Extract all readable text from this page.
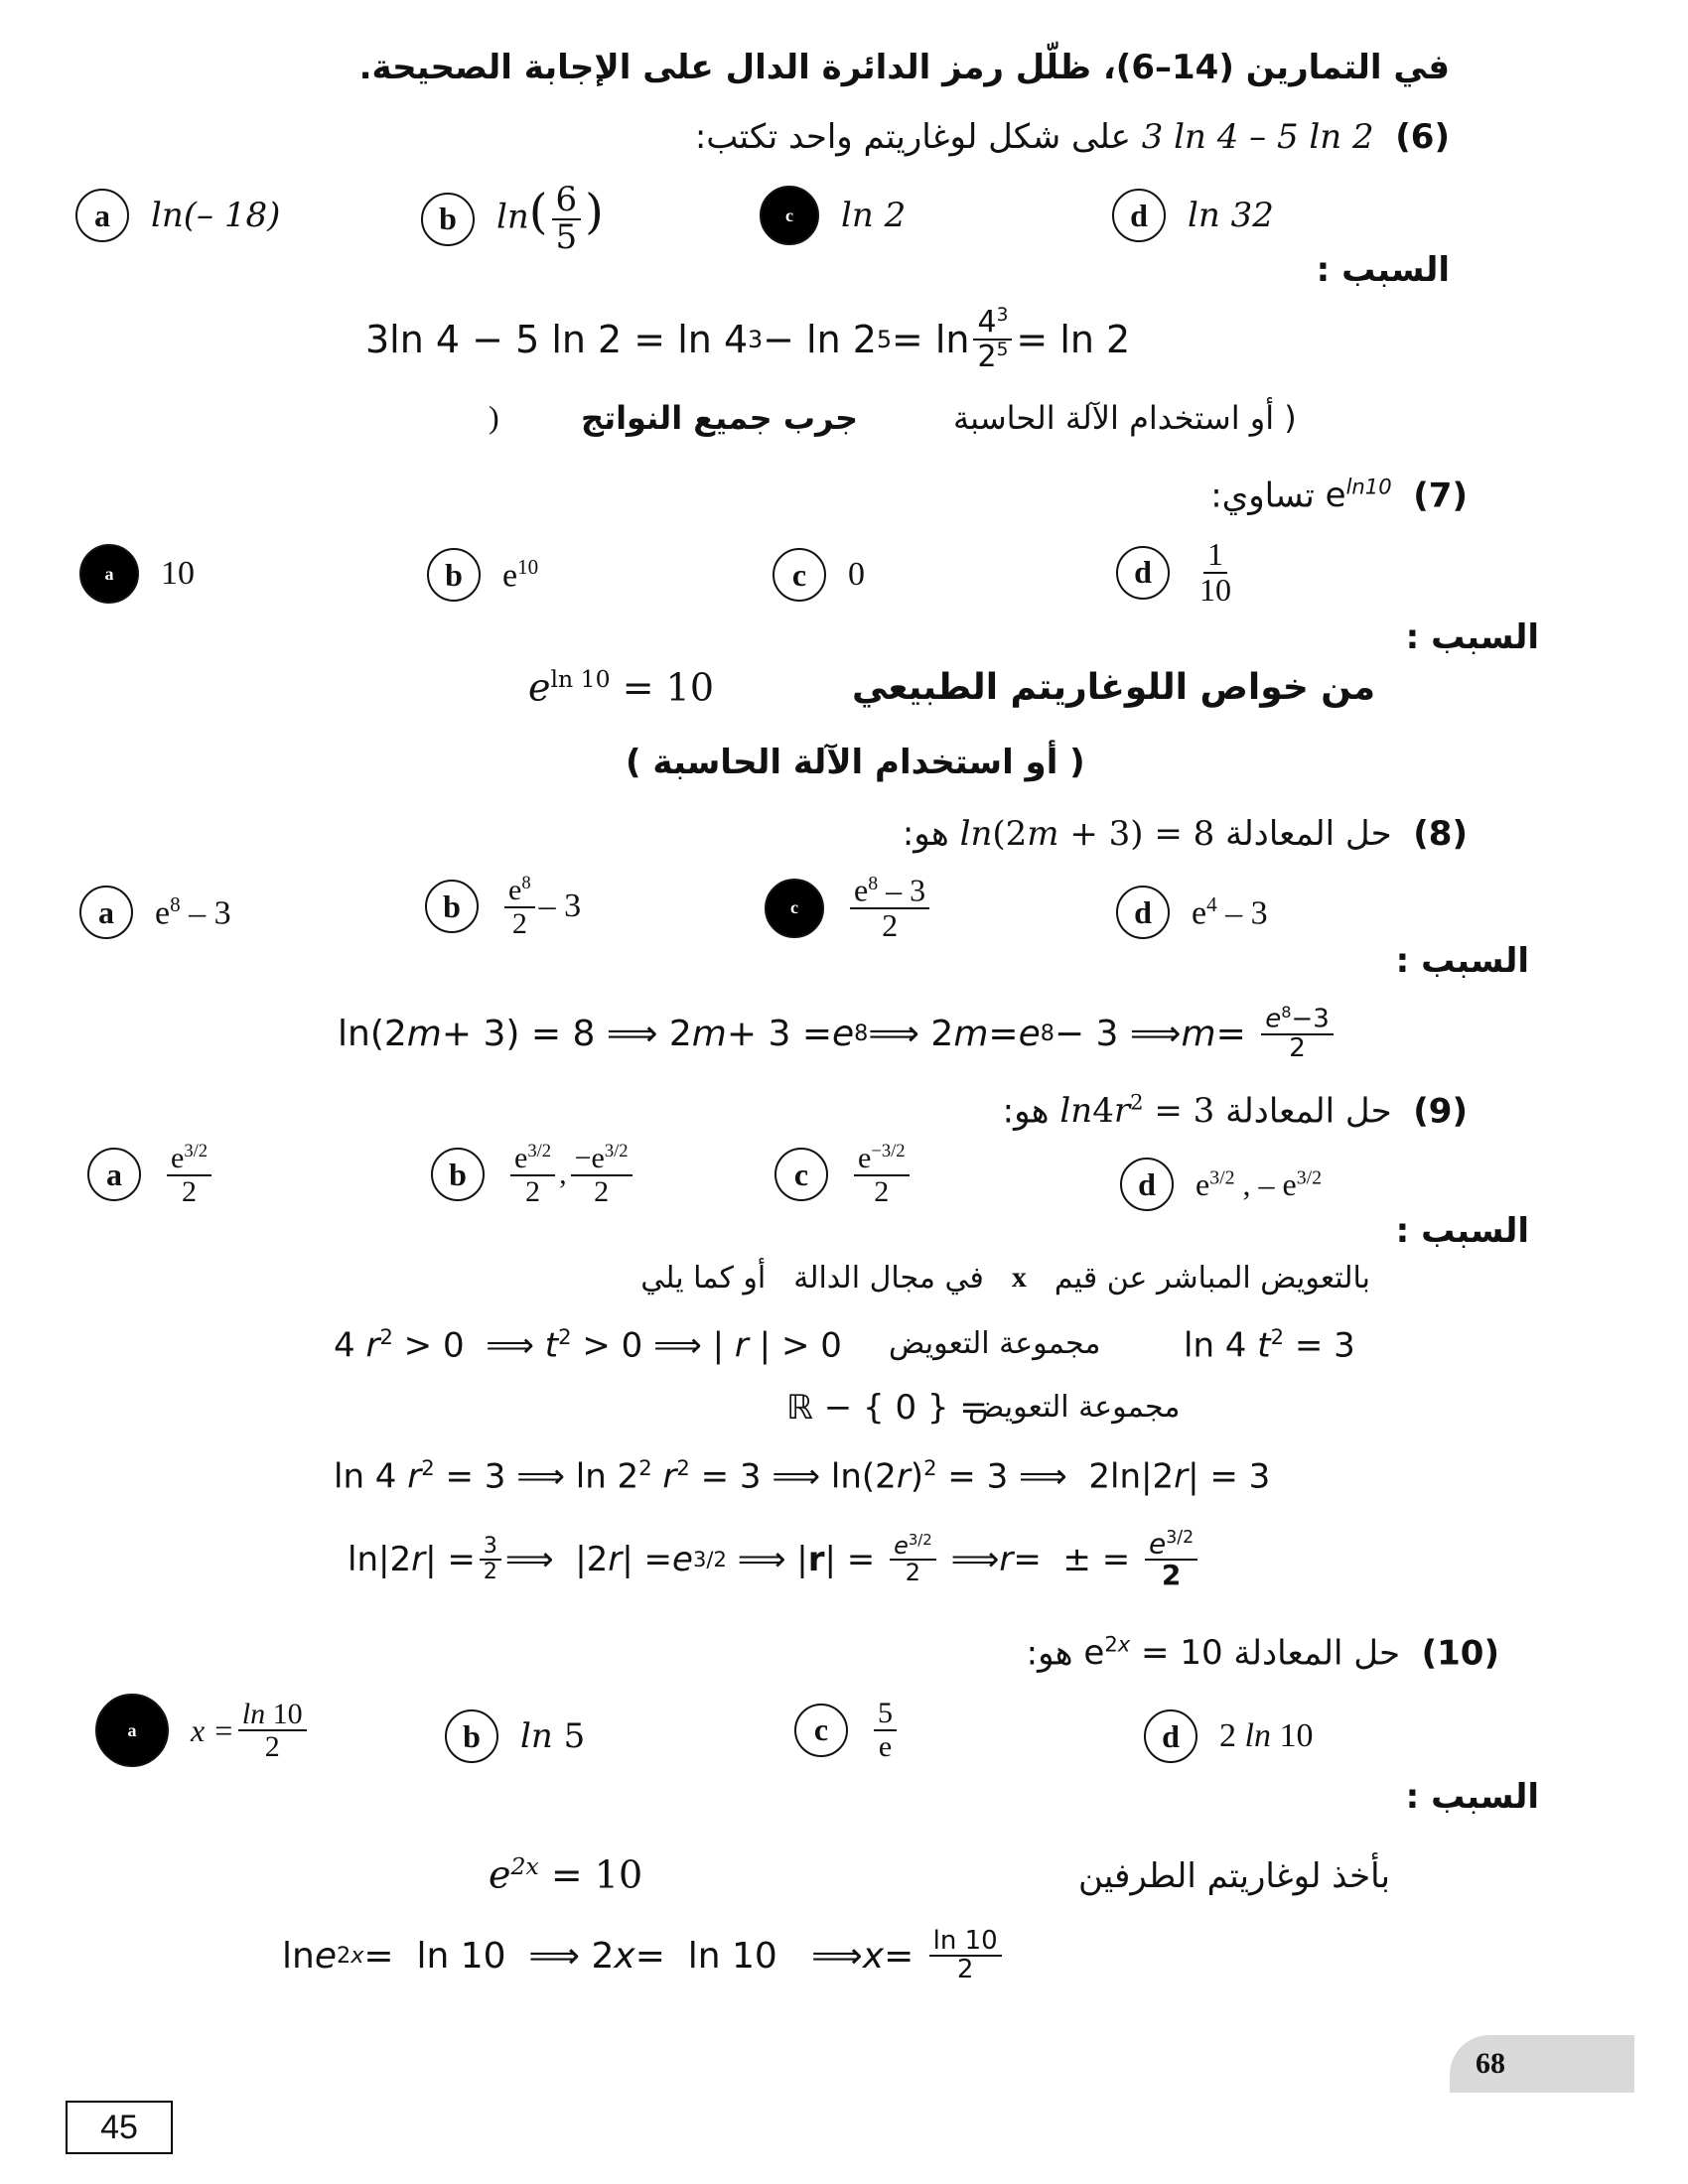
في التمارين (14–6)، ظلّل رمز الدائرة الدال على الإجابة الصحيحة.
(6)  3 ln 4 – 5 ln 2 على شكل لوغاريتم واحد تكتب:
a	ln(– 18)	b	$\ln( \frac{6}{5}$ )	c	ln 2	d	ln 32
السبب :
3ln 4 − 5 ln 2 = ln 4 3 − ln 2 $5 = \ln \frac{4^3}{2^5} = \ln 2$
( أو استخدام الآلة الحاسبة
جرب جميع النواتج
)
(7)  $e^{ln10}$ تساوي:
a	10	b	$e^{10}$	c	0	d	$\frac{1}{10}$
السبب :
$e^{ln 10} = 10$	من خواص اللوغاريتم الطبيعي
( أو استخدام الآلة الحاسبة )
(8)  حل المعادلة ln(2m + 3) = 8 هو:
a	$e^8 - 3$	b	$\frac{e^8}{2} - 3$	c	$\frac{e^8 - 3}{2}$	d	$e^4 - 3$
السبب :
ln(2 m + 3) = 8 ⟹ 2 m + 3 = e 8 ⟹ 2 m = e 8 − 3 ⟹ $m = \frac{e^8-3}{2}$
(9)  حل المعادلة $\ln 4r^2 = 3$ هو:
a	$\frac{e^{3/2}}{2}$	b	$\frac{e^{3/2}}{2}$ , $\frac{-e^{3/2}}{2}$	c	$\frac{e^{-3/2}}{2}$	d	$e^{3/2}$ , – $e^{3/2}$
السبب :
بالتعويض المباشر عن قيم
x
في مجال الدالة
أو كما يلي
4 $r^2 > 0$  ⟹ $t^2 > 0$ ⟹ | r | > 0 مجموعة التعويض ln 4 $t^2 = 3$
ℝ − { 0 } =
مجموعة التعويض
ln 4 $r^2 = 3$ ⟹ $\ln 2^2$ $r^2 = 3$ ⟹ $\ln(2r)^2 = 3$ ⟹  2ln|2r| = 3
ln|2 r | = $\frac{3}{2}$ ⟹  |2 r | = e 3/2 ⟹ | r | = $\frac{e^{3/2}}{2}$ ⟹ r =  ± = $\frac{e^{3/2}}{2}$
(10)  حل المعادلة $e^{2x} = 10$ هو:
a	$x = \frac{\ln 10}{2}$	b	ln 5	c	$\frac{5}{e}$	d	2 ln 10
السبب :
$e^{2x} = 10$	بأخذ لوغاريتم الطرفين
ln e 2x =  ln 10  ⟹ 2 x =  ln 10   ⟹ $x = \frac{\ln 10}{2}$
68
45
